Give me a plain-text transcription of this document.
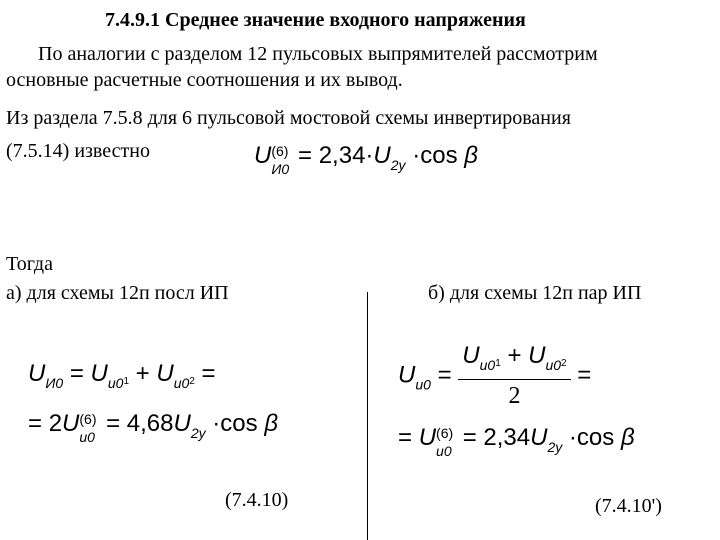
7.4.9.1 Среднее значение входного напряжения
По аналогии с разделом 12 пульсовых выпрямителей рассмотрим
основные расчетные соотношения и их вывод.
Из раздела 7.5.8 для 6 пульсовой мостовой схемы инвертирования
(7.5.14) известно	U (6)
$И0 = 2,34\cdot U_{2y} \cdot\cos$ β
Тогда
а) для схемы 12п посл ИП	б) для схемы 12п пар ИП
$U_{И0} = U_{u0}1 + U_{u0}2$ =
= 2U (6)
$u0 = 4,68U_{2y} \cdot\cos$ β
(7.4.10)
$U_{u0} = \frac{U_{u0}1 + U_{u0}2}{2}$ =
= U (6)
$u0 = 2,34U_{2y} \cdot\cos$ β
(7.4.10')
